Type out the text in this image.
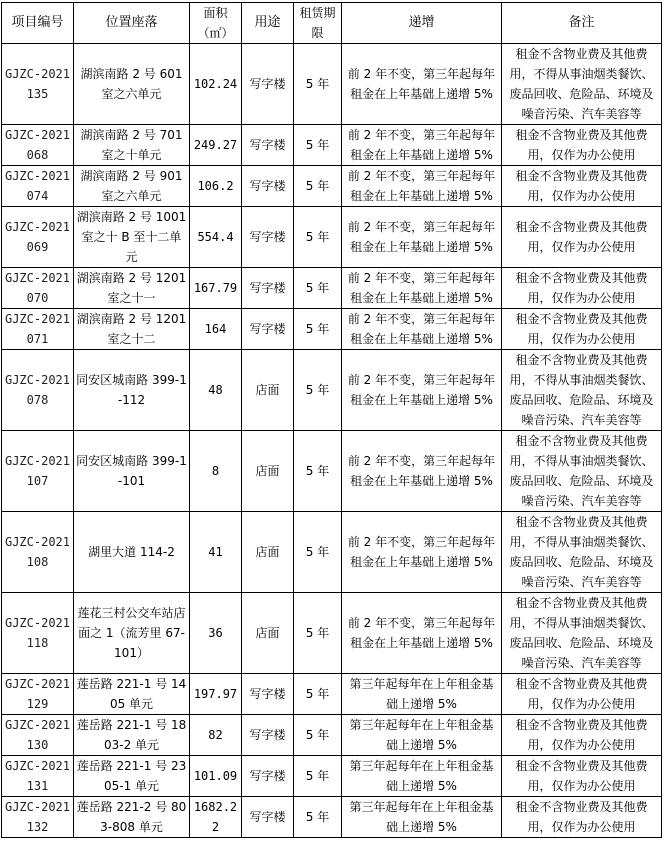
项目编号	位置座落	面积（㎡）	用途	租赁期限	递增	备注
GJZC-2021135	湖滨南路 2 号 601 室之六单元	102.24	写字楼	5 年	前 2 年不变，第三年起每年租金在上年基础上递增 5%	租金不含物业费及其他费用，不得从事油烟类餐饮、废品回收、危险品、环境及噪音污染、汽车美容等
GJZC-2021068	湖滨南路 2 号 701 室之十单元	249.27	写字楼	5 年	前 2 年不变，第三年起每年租金在上年基础上递增 5%	租金不含物业费及其他费用，仅作为办公使用
GJZC-2021074	湖滨南路 2 号 901 室之六单元	106.2	写字楼	5 年	前 2 年不变，第三年起每年租金在上年基础上递增 5%	租金不含物业费及其他费用，仅作为办公使用
GJZC-2021069	湖滨南路 2 号 1001 室之十 B 至十二单元	554.4	写字楼	5 年	前 2 年不变，第三年起每年租金在上年基础上递增 5%	租金不含物业费及其他费用，仅作为办公使用
GJZC-2021070	湖滨南路 2 号 1201 室之十一	167.79	写字楼	5 年	前 2 年不变，第三年起每年租金在上年基础上递增 5%	租金不含物业费及其他费用，仅作为办公使用
GJZC-2021071	湖滨南路 2 号 1201 室之十二	164	写字楼	5 年	前 2 年不变，第三年起每年租金在上年基础上递增 5%	租金不含物业费及其他费用，仅作为办公使用
GJZC-2021078	同安区城南路 399-1-112	48	店面	5 年	前 2 年不变，第三年起每年租金在上年基础上递增 5%	租金不含物业费及其他费用，不得从事油烟类餐饮、废品回收、危险品、环境及噪音污染、汽车美容等
GJZC-2021107	同安区城南路 399-1-101	8	店面	5 年	前 2 年不变，第三年起每年租金在上年基础上递增 5%	租金不含物业费及其他费用，不得从事油烟类餐饮、废品回收、危险品、环境及噪音污染、汽车美容等
GJZC-2021108	湖里大道 114-2	41	店面	5 年	前 2 年不变，第三年起每年租金在上年基础上递增 5%	租金不含物业费及其他费用，不得从事油烟类餐饮、废品回收、危险品、环境及噪音污染、汽车美容等
GJZC-2021118	莲花三村公交车站店面之 1（流芳里 67-101）	36	店面	5 年	前 2 年不变，第三年起每年租金在上年基础上递增 5%	租金不含物业费及其他费用，不得从事油烟类餐饮、废品回收、危险品、环境及噪音污染、汽车美容等
GJZC-2021129	莲岳路 221-1 号 1405 单元	197.97	写字楼	5 年	第三年起每年在上年租金基础上递增 5%	租金不含物业费及其他费用，仅作为办公使用
GJZC-2021130	莲岳路 221-1 号 1803-2 单元	82	写字楼	5 年	第三年起每年在上年租金基础上递增 5%	租金不含物业费及其他费用，仅作为办公使用
GJZC-2021131	莲岳路 221-1 号 2305-1 单元	101.09	写字楼	5 年	第三年起每年在上年租金基础上递增 5%	租金不含物业费及其他费用，仅作为办公使用
GJZC-2021132	莲岳路 221-2 号 803-808 单元	1682.22	写字楼	5 年	第三年起每年在上年租金基础上递增 5%	租金不含物业费及其他费用，仅作为办公使用
